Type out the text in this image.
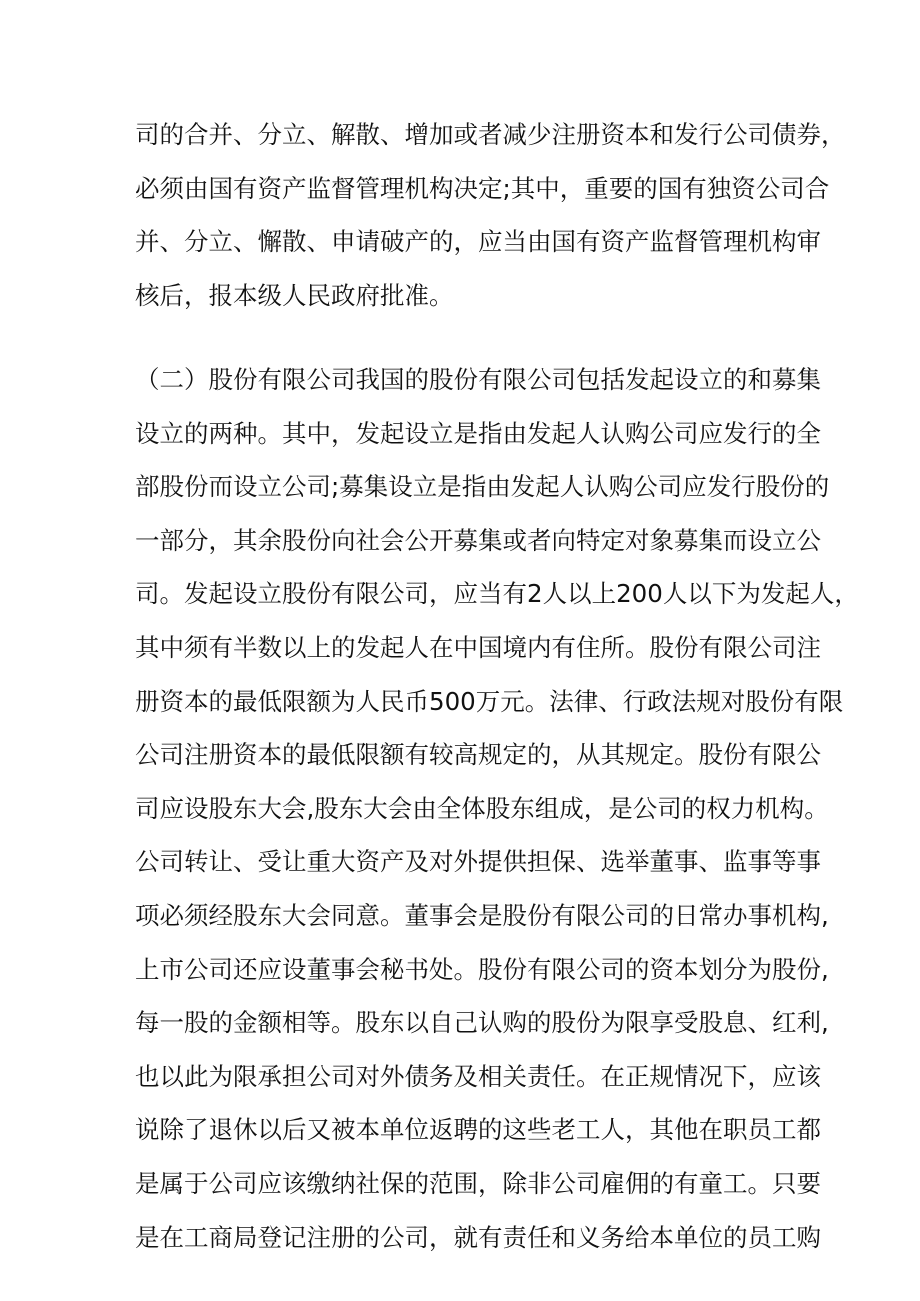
司的合并、分立、解散、增加或者减少注册资本和发行公司债券，
必须由国有资产监督管理机构决定;其中，重要的国有独资公司合
并、分立、懈散、申请破产的，应当由国有资产监督管理机构审
核后，报本级人民政府批准。
（二）股份有限公司我国的股份有限公司包括发起设立的和募集
设立的两种。其中，发起设立是指由发起人认购公司应发行的全
部股份而设立公司;募集设立是指由发起人认购公司应发行股份的
一部分，其余股份向社会公开募集或者向特定对象募集而设立公
司。发起设立股份有限公司，应当有2人以上200人以下为发起人，
其中须有半数以上的发起人在中国境内有住所。股份有限公司注
册资本的最低限额为人民币500万元。法律、行政法规对股份有限
公司注册资本的最低限额有较高规定的，从其规定。股份有限公
司应设股东大会,股东大会由全体股东组成，是公司的权力机构。
公司转让、受让重大资产及对外提供担保、选举董事、监事等事
项必须经股东大会同意。董事会是股份有限公司的日常办事机构,
上市公司还应设董事会秘书处。股份有限公司的资本划分为股份,
每一股的金额相等。股东以自己认购的股份为限享受股息、红利,
也以此为限承担公司对外债务及相关责任。在正规情况下，应该
说除了退休以后又被本单位返聘的这些老工人，其他在职员工都
是属于公司应该缴纳社保的范围，除非公司雇佣的有童工。只要
是在工商局登记注册的公司，就有责任和义务给本单位的员工购
